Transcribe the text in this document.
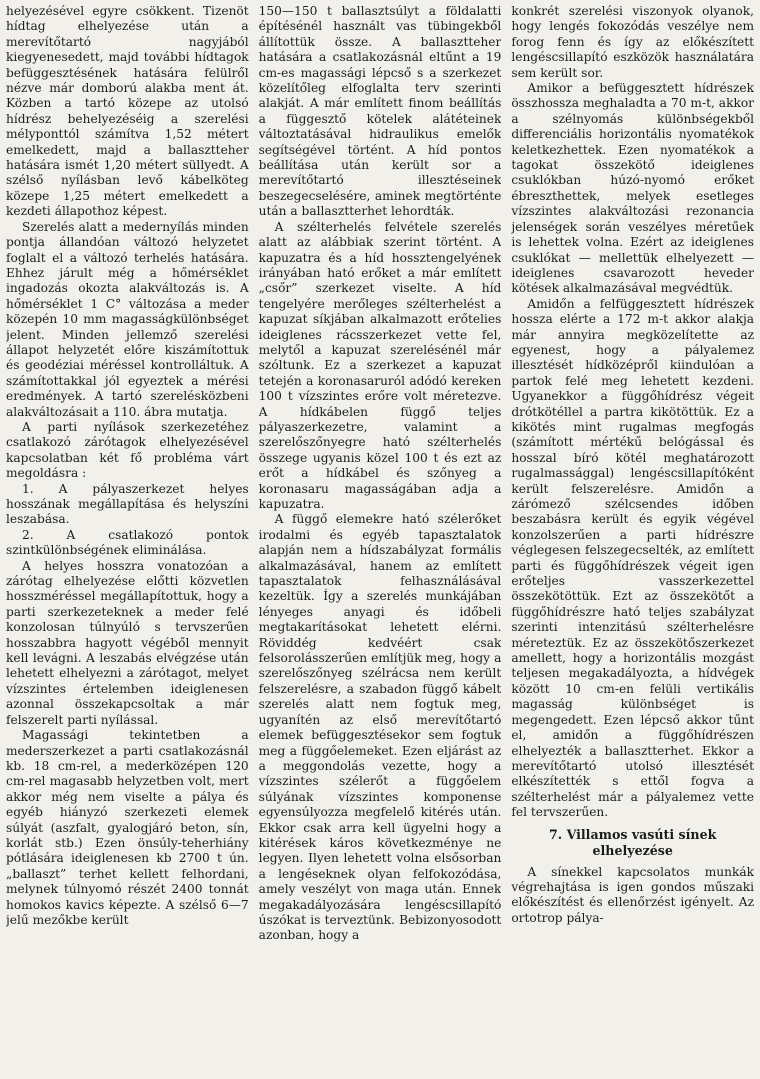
helyezésével egyre csökkent. Tizenöt hídtag elhelyezése után a merevítőtartó nagyjából kiegyenesedett, majd további hídtagok befüggesztésének hatására felülről nézve már domború alakba ment át. Közben a tartó közepe az utolsó hídrész behelyezéséig a szerelési mélyponttól számítva 1,52 métert emelkedett, majd a ballasztteher hatására ismét 1,20 métert süllyedt. A szélső nyílásban levő kábelköteg közepe 1,25 métert emelkedett a kezdeti állapothoz képest.

Szerelés alatt a medernyílás minden pontja állandóan változó helyzetet foglalt el a változó terhelés hatására. Ehhez járult még a hőmérséklet ingadozás okozta alakváltozás is. A hőmérséklet 1 C° változása a meder közepén 10 mm magasságkülönbséget jelent. Minden jellemző szerelési állapot helyzetét előre kiszámítottuk és geodéziai méréssel kontrolláltuk. A számítottakkal jól egyeztek a mérési eredmények. A tartó szerelésközbeni alakváltozásait a 110. ábra mutatja.

A parti nyílások szerkezetéhez csatlakozó zárótagok elhelyezésével kapcsolatban két fő probléma várt megoldásra :

1. A pályaszerkezet helyes hosszának megállapítása és helyszíni leszabása.

2. A csatlakozó pontok szintkülönbségének eliminálása.

A helyes hosszra vonatozóan a zárótag elhelyezése előtti közvetlen hosszméréssel megállapítottuk, hogy a parti szerkezeteknek a meder felé konzolosan túlnyúló s tervszerűen hosszabbra hagyott végéből mennyit kell levágni. A leszabás elvégzése után lehetett elhelyezni a zárótagot, melyet vízszintes értelemben ideiglenesen azonnal összekapcsoltak a már felszerelt parti nyílással.

Magassági tekintetben a mederszerkezet a parti csatlakozásnál kb. 18 cm-rel, a mederközépen 120 cm-rel magasabb helyzetben volt, mert akkor még nem viselte a pálya és egyéb hiányzó szerkezeti elemek súlyát (aszfalt, gyalogjáró beton, sín, korlát stb.) Ezen önsúly-teherhiány pótlására ideiglenesen kb 2700 t ún. „ballaszt” terhet kellett felhordani, melynek túlnyomó részét 2400 tonnát homokos kavics képezte. A szélső 6—7 jelű mezőkbe került

150—150 t ballasztsúlyt a földalatti építésénél használt vas tübingekből állítottük össze. A ballasztteher hatására a csatlakozásnál eltűnt a 19 cm-es magassági lépcső s a szerkezet közelítőleg elfoglalta terv szerinti alakját. A már említett finom beállítás a függesztő kötelek alátéteinek változtatásával hidraulikus emelők segítségével történt. A híd pontos beállítása után került sor a merevítőtartó illesztéseinek beszegecselésére, aminek megtörténte után a ballasztterhet lehordták.

A szélterhelés felvétele szerelés alatt az alábbiak szerint történt. A kapuzatra és a híd hossztengelyének irányában ható erőket a már említett „csőr” szerkezet viselte. A híd tengelyére merőleges szélterhelést a kapuzat síkjában alkalmazott erőtelies ideiglenes rácsszerkezet vette fel, melytől a kapuzat szerelésénél már szóltunk. Ez a szerkezet a kapuzat tetején a koronasaruról adódó kereken 100 t vízszintes erőre volt méretezve. A hídkábelen függő teljes pályaszerkezetre, valamint a szerelőszőnyegre ható szélterhelés összege ugyanis közel 100 t és ezt az erőt a hídkábel és szőnyeg a koronasaru magasságában adja a kapuzatra.

A függő elemekre ható szélerőket irodalmi és egyéb tapasztalatok alapján nem a hídszabályzat formális alkalmazásával, hanem az említett tapasztalatok felhasználásával kezeltük. Így a szerelés munkájában lényeges anyagi és időbeli megtakarításokat lehetett elérni. Röviddég kedvéért csak felsorolásszerűen említjük meg, hogy a szerelőszőnyeg szélrácsa nem került felszerelésre, a szabadon függő kábelt szerelés alatt nem fogtuk meg, ugyanítén az első merevítőtartó elemek befüggesztésekor sem fogtuk meg a függőelemeket. Ezen eljárást az a meggondolás vezette, hogy a vízszintes szélerőt a függőelem súlyának vízszintes komponense egyensúlyozza megfelelő kitérés után. Ekkor csak arra kell ügyelni hogy a kitérések káros következménye ne legyen. Ilyen lehetett volna elsősorban a lengéseknek olyan felfokozódása, amely veszélyt von maga után. Ennek megakadályozására lengéscsillapító úszókat is terveztünk. Bebizonyosodott azonban, hogy a

konkrét szerelési viszonyok olyanok, hogy lengés fokozódás veszélye nem forog fenn és így az előkészített lengéscsillapító eszközök használatára sem került sor.

Amikor a befüggesztett hídrészek összhossza meghaladta a 70 m-t, akkor a szélnyomás különbségekből differenciális horizontális nyomatékok keletkezhettek. Ezen nyomatékok a tagokat összekötő ideiglenes csuklókban húzó-nyomó erőket ébreszthettek, melyek esetleges vízszintes alakváltozási rezonancia jelenségek során veszélyes méretűek is lehettek volna. Ezért az ideiglenes csuklókat — mellettük elhelyezett — ideiglenes csavarozott heveder kötések alkalmazásával megvédtük.

Amidőn a felfüggesztett hídrészek hossza elérte a 172 m-t akkor alakja már annyira megközelítette az egyenest, hogy a pályalemez illesztését hídközépről kiindulóan a partok felé meg lehetett kezdeni. Ugyanekkor a függőhídrész végeit drótkötéllel a partra kikötöttük. Ez a kikötés mint rugalmas megfogás (számított mértékű belógással és hosszal bíró kötél meghatározott rugalmassággal) lengéscsillapítóként került felszerelésre. Amidőn a zárómező szélcsendes időben beszabásra került és egyik végével konzolszerűen a parti hídrészre véglegesen felszegecselték, az említett parti és függőhídrészek végeit igen erőteljes vasszerkezettel összekötöttük. Ezt az összekötőt a függőhídrészre ható teljes szabályzat szerinti intenzitású szélterhelésre méreteztük. Ez az összekötőszerkezet amellett, hogy a horizontális mozgást teljesen megakadályozta, a hídvégek között 10 cm-en felüli vertikális magasság különbséget is megengedett. Ezen lépcső akkor tűnt el, amidőn a függőhídrészen elhelyezték a ballasztterhet. Ekkor a merevítőtartó utolsó illesztését elkészítették s ettől fogva a szélterhelést már a pályalemez vette fel tervszerűen.

7. Villamos vasúti sínek
elhelyezése

A sínekkel kapcsolatos munkák végrehajtása is igen gondos műszaki előkészítést és ellenőrzést igényelt. Az ortotrop pálya-
